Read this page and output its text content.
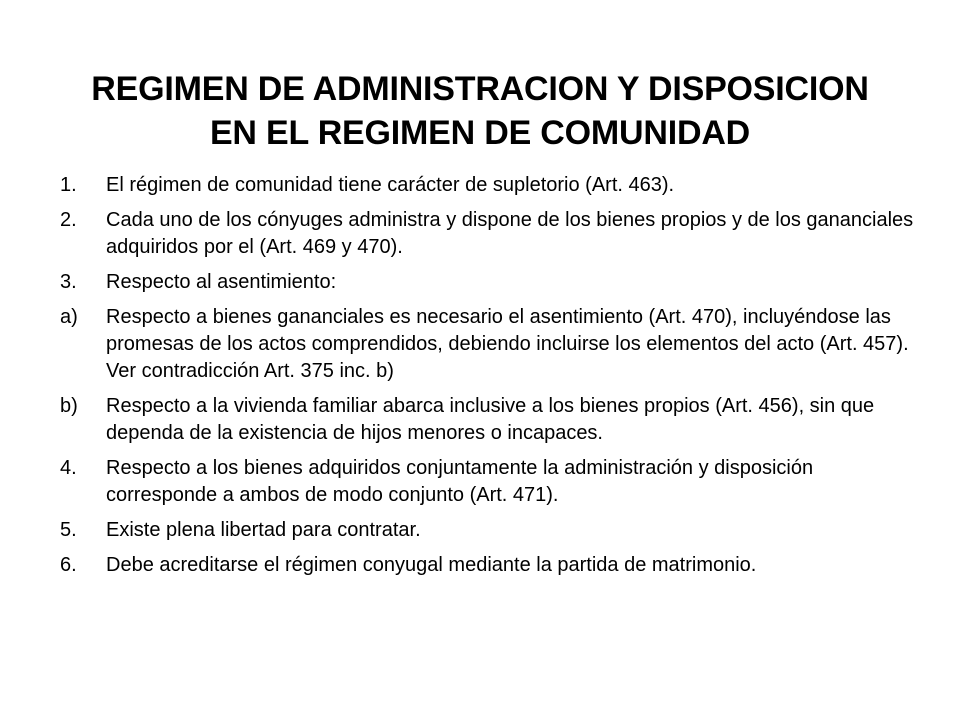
REGIMEN DE ADMINISTRACION Y DISPOSICION
EN EL REGIMEN DE COMUNIDAD
1.	El régimen de comunidad tiene carácter de supletorio (Art. 463).
2.	Cada uno de los cónyuges administra y dispone de los bienes propios y de los gananciales adquiridos por el (Art. 469 y 470).
3.	Respecto al asentimiento:
a)	Respecto a bienes gananciales es necesario el asentimiento (Art. 470), incluyéndose las promesas de los actos comprendidos, debiendo incluirse los elementos del acto (Art. 457). Ver contradicción Art. 375 inc. b)
b)	Respecto a la vivienda familiar abarca inclusive a los bienes propios (Art. 456), sin que dependa de la existencia de hijos menores o incapaces.
4.	Respecto a los bienes adquiridos conjuntamente la administración y disposición corresponde a ambos de modo conjunto (Art. 471).
5.	Existe plena libertad para contratar.
6.	Debe acreditarse el régimen conyugal mediante la partida de matrimonio.
